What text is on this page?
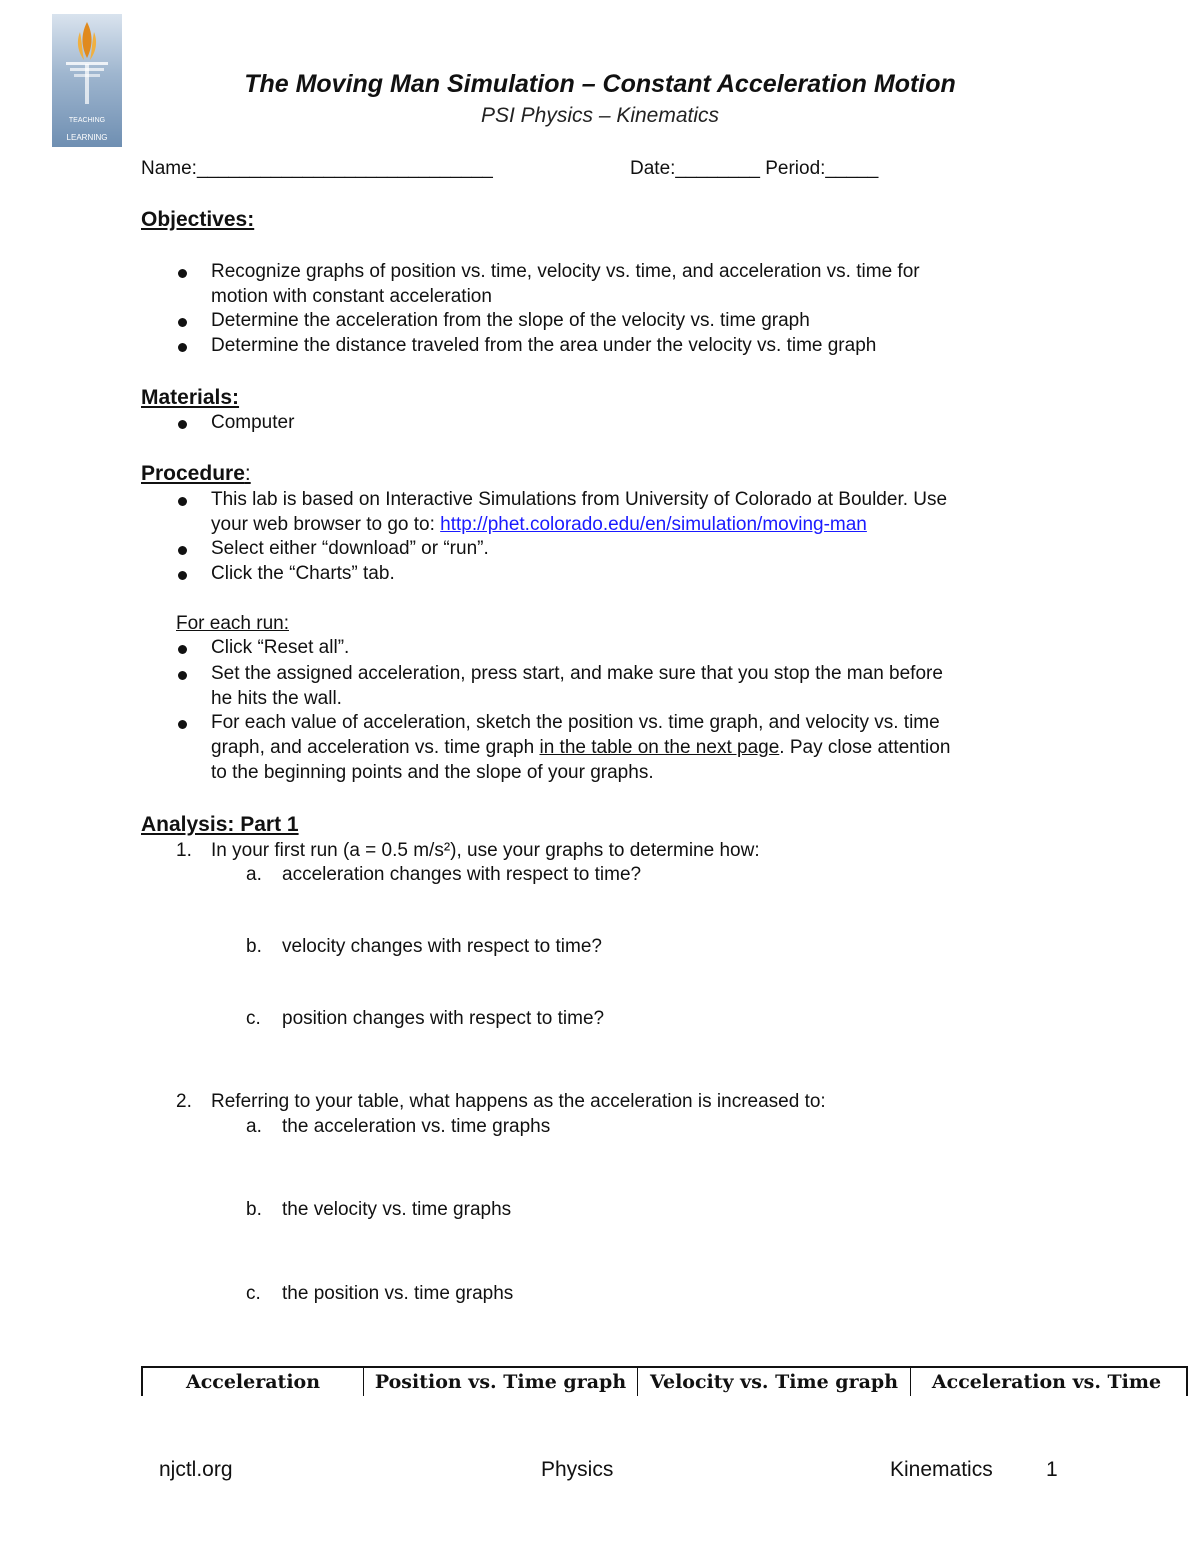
TEACHING
LEARNING
The Moving Man Simulation – Constant Acceleration Motion
PSI Physics – Kinematics
Name:____________________________	Date:________ Period:_____
Objectives:
Recognize graphs of position vs. time, velocity vs. time, and acceleration vs. time for
motion with constant acceleration
Determine the acceleration from the slope of the velocity vs. time graph
Determine the distance traveled from the area under the velocity vs. time graph
Materials:
Computer
Procedure:
This lab is based on Interactive Simulations from University of Colorado at Boulder. Use
your web browser to go to: http://phet.colorado.edu/en/simulation/moving-man
Select either “download” or “run”.
Click the “Charts” tab.
For each run:
Click “Reset all”.
Set the assigned acceleration, press start, and make sure that you stop the man before
he hits the wall.
For each value of acceleration, sketch the position vs. time graph, and velocity vs. time
graph, and acceleration vs. time graph in the table on the next page. Pay close attention
to the beginning points and the slope of your graphs.
Analysis: Part 1
1. In your first run (a = 0.5 m/s²), use your graphs to determine how:
a. acceleration changes with respect to time?
b. velocity changes with respect to time?
c. position changes with respect to time?
2. Referring to your table, what happens as the acceleration is increased to:
a. the acceleration vs. time graphs
b. the velocity vs. time graphs
c. the position vs. time graphs
Acceleration	Position vs. Time graph	Velocity vs. Time graph	Acceleration vs. Time
njctl.org	Physics	Kinematics	1
